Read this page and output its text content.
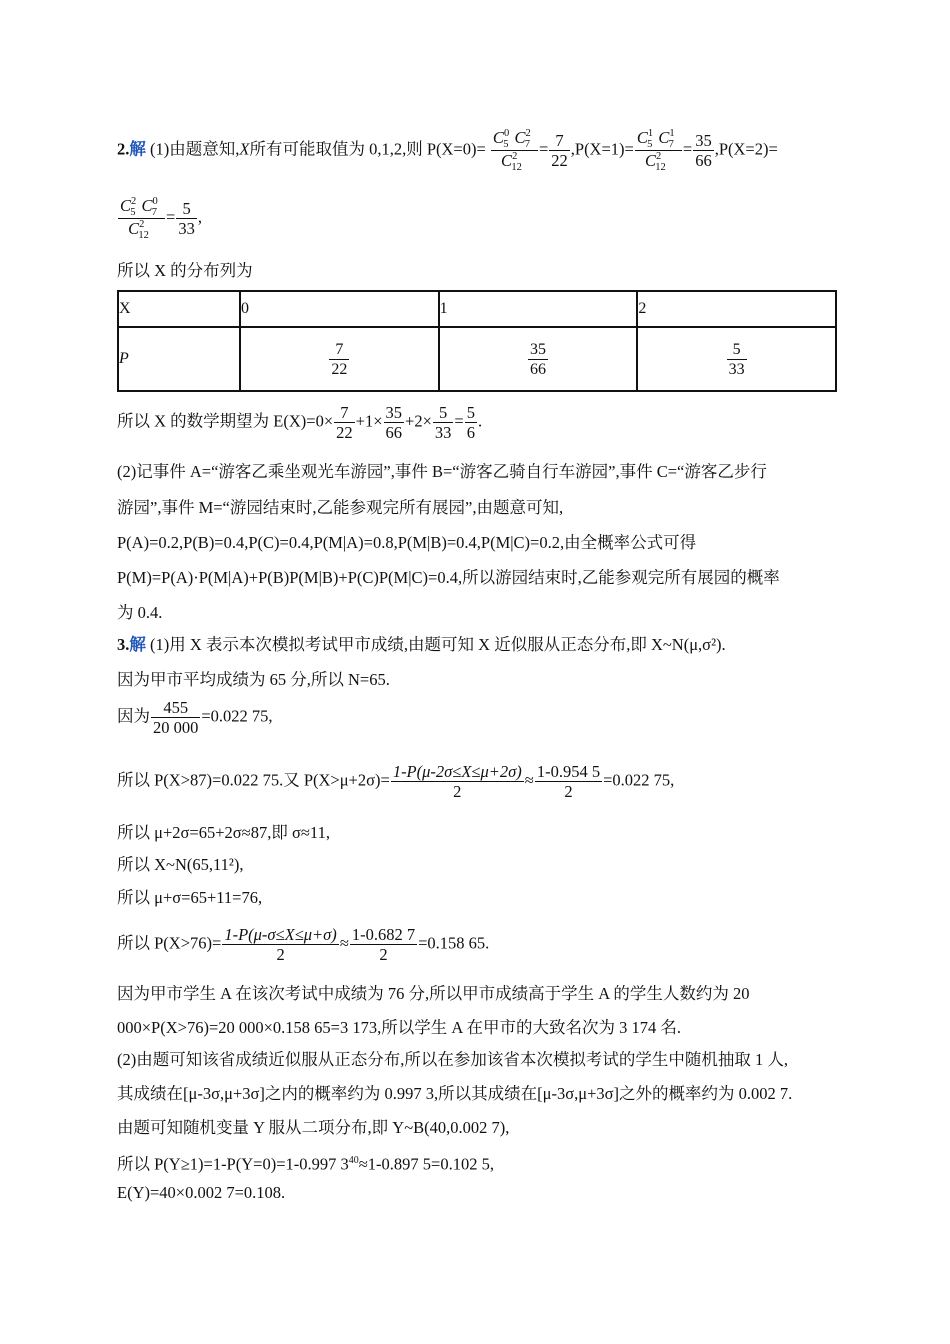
2.解 (1)由题意知,X所有可能取值为 0,1,2,则 $P(X=0)= \frac{C^0_5 C^2_7}{C^2_{12}} = \frac{7}{22} ,P(X=1)= \frac{C^1_5 C^1_7}{C^2_{12}} = \frac{35}{66} ,P(X=2)=$
$\frac{C^2_5 C^0_7}{C^2_{12}} = \frac{5}{33}$ ,
所以 X 的分布列为
X	0	1	2
P	$\frac{7}{22}$	$\frac{35}{66}$	$\frac{5}{33}$
所以 X 的数学期望为 $E(X)=0\times \frac{7}{22} +1\times \frac{35}{66} +2\times \frac{5}{33} = \frac{5}{6}$ .
(2)记事件 A=“游客乙乘坐观光车游园”,事件 B=“游客乙骑自行车游园”,事件 C=“游客乙步行
游园”,事件 M=“游园结束时,乙能参观完所有展园”,由题意可知,
P(A)=0.2,P(B)=0.4,P(C)=0.4,P(M|A)=0.8,P(M|B)=0.4,P(M|C)=0.2,由全概率公式可得
P(M)=P(A)·P(M|A)+P(B)P(M|B)+P(C)P(M|C)=0.4,所以游园结束时,乙能参观完所有展园的概率
为 0.4.
3.解 (1)用 X 表示本次模拟考试甲市成绩,由题可知 X 近似服从正态分布,即 X~N(μ,σ²).
因为甲市平均成绩为 65 分,所以 N=65.
因为 $\frac{455}{20 000} =0.022$ 75,
所以 P(X>87)=0.022 75.又 $P(X>\mu+2\sigma)= \frac{1-P(\mu-2\sigma\le X\le\mu+2\sigma)}{2} \approx \frac{1-0.954 5}{2} =0.022$ 75,
所以 μ+2σ=65+2σ≈87,即 σ≈11,
所以 X~N(65,11²),
所以 μ+σ=65+11=76,
所以 $P(X>76)= \frac{1-P(\mu-\sigma\le X\le\mu+\sigma)}{2} \approx \frac{1-0.682 7}{2} =0.158$ 65.
因为甲市学生 A 在该次考试中成绩为 76 分,所以甲市成绩高于学生 A 的学生人数约为 20
000×P(X>76)=20 000×0.158 65=3 173,所以学生 A 在甲市的大致名次为 3 174 名.
(2)由题可知该省成绩近似服从正态分布,所以在参加该省本次模拟考试的学生中随机抽取 1 人,
其成绩在[μ-3σ,μ+3σ]之内的概率约为 0.997 3,所以其成绩在[μ-3σ,μ+3σ]之外的概率约为 0.002 7.
由题可知随机变量 Y 服从二项分布,即 Y~B(40,0.002 7),
所以 P(Y≥1)=1-P(Y=0)=1-0.997 $3^{40}\approx 1-0.897$ 5=0.102 5,
E(Y)=40×0.002 7=0.108.
